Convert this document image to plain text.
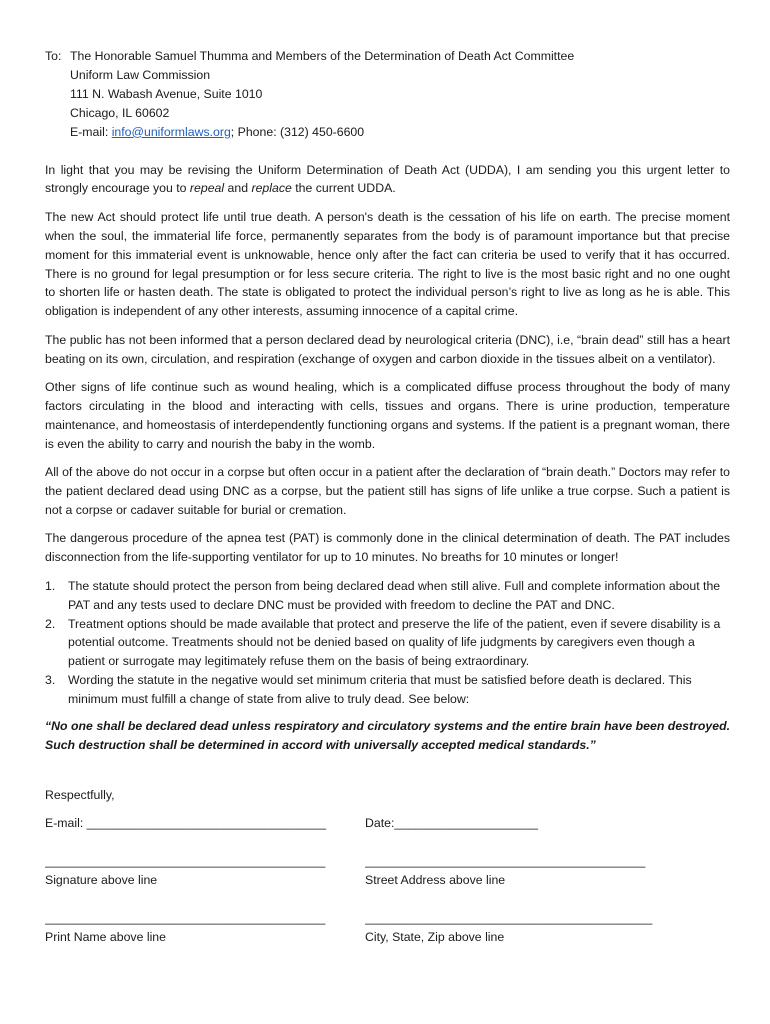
To: The Honorable Samuel Thumma and Members of the Determination of Death Act Committee
Uniform Law Commission
111 N. Wabash Avenue, Suite 1010
Chicago, IL 60602
E-mail: info@uniformlaws.org; Phone: (312) 450-6600

In light that you may be revising the Uniform Determination of Death Act (UDDA), I am sending you this urgent letter to strongly encourage you to repeal and replace the current UDDA.

The new Act should protect life until true death. A person's death is the cessation of his life on earth. The precise moment when the soul, the immaterial life force, permanently separates from the body is of paramount importance but that precise moment for this immaterial event is unknowable, hence only after the fact can criteria be used to verify that it has occurred. There is no ground for legal presumption or for less secure criteria. The right to live is the most basic right and no one ought to shorten life or hasten death. The state is obligated to protect the individual person’s right to live as long as he is able. This obligation is independent of any other interests, assuming innocence of a capital crime.

The public has not been informed that a person declared dead by neurological criteria (DNC), i.e, “brain dead” still has a heart beating on its own, circulation, and respiration (exchange of oxygen and carbon dioxide in the tissues albeit on a ventilator).

Other signs of life continue such as wound healing, which is a complicated diffuse process throughout the body of many factors circulating in the blood and interacting with cells, tissues and organs. There is urine production, temperature maintenance, and homeostasis of interdependently functioning organs and systems. If the patient is a pregnant woman, there is even the ability to carry and nourish the baby in the womb.

All of the above do not occur in a corpse but often occur in a patient after the declaration of “brain death.” Doctors may refer to the patient declared dead using DNC as a corpse, but the patient still has signs of life unlike a true corpse. Such a patient is not a corpse or cadaver suitable for burial or cremation.

The dangerous procedure of the apnea test (PAT) is commonly done in the clinical determination of death. The PAT includes disconnection from the life-supporting ventilator for up to 10 minutes. No breaths for 10 minutes or longer!

1.	The statute should protect the person from being declared dead when still alive. Full and complete information about the PAT and any tests used to declare DNC must be provided with freedom to decline the PAT and DNC.
2.	Treatment options should be made available that protect and preserve the life of the patient, even if severe disability is a potential outcome. Treatments should not be denied based on quality of life judgments by caregivers even though a patient or surrogate may legitimately refuse them on the basis of being extraordinary.
3.	Wording the statute in the negative would set minimum criteria that must be satisfied before death is declared. This minimum must fulfill a change of state from alive to truly dead. See below:

“No one shall be declared dead unless respiratory and circulatory systems and the entire brain have been destroyed. Such destruction shall be determined in accord with universally accepted medical standards.”

Respectfully,

E-mail: ___________________________________	Date:_____________________
_________________________________________	_________________________________________
Signature above line	Street Address above line
_________________________________________	__________________________________________
Print Name above line	City, State, Zip above line
